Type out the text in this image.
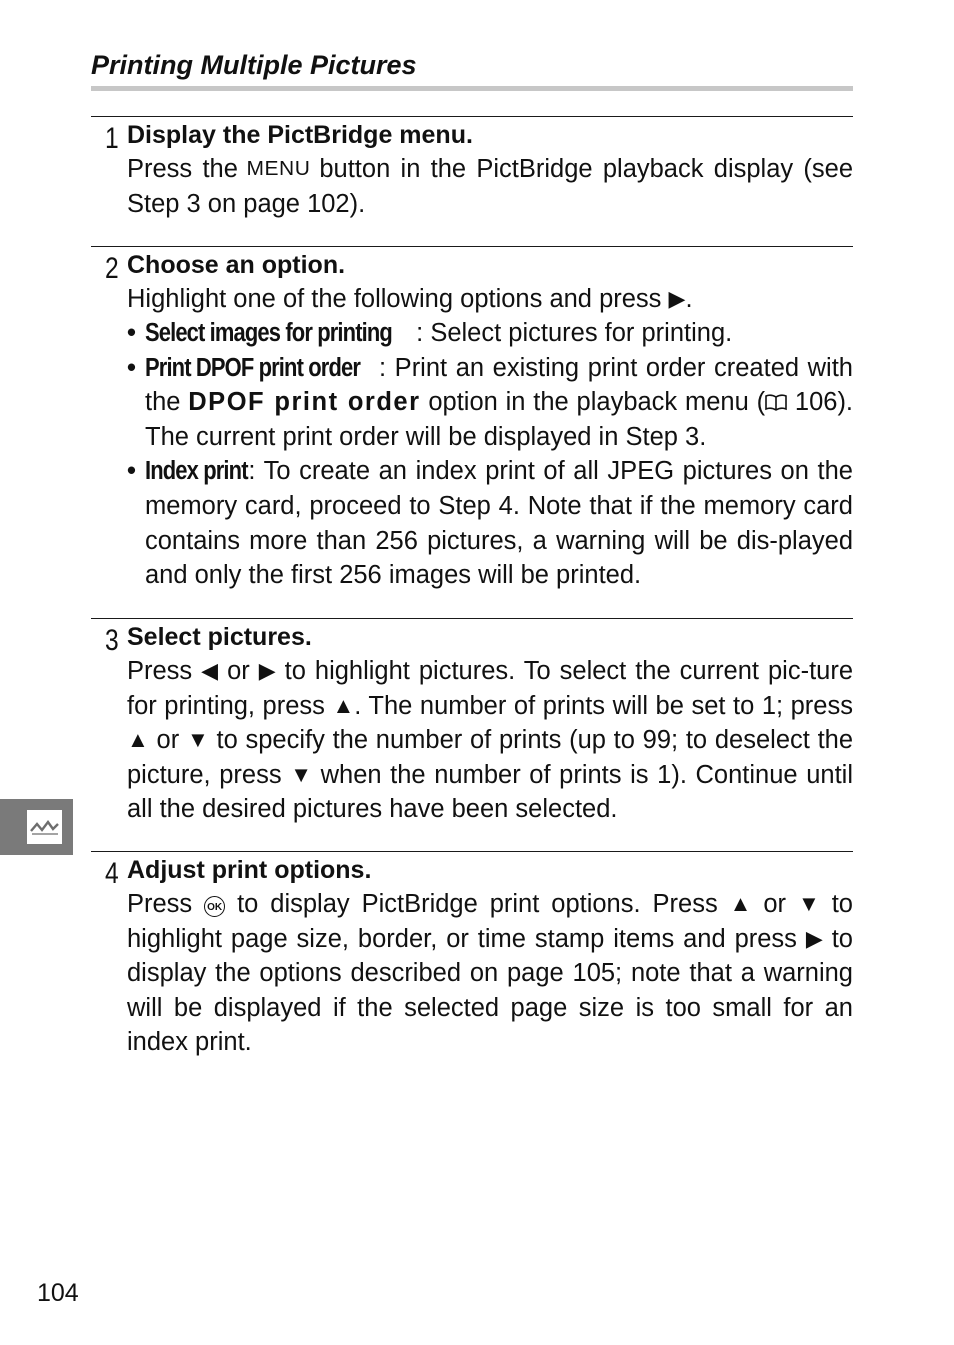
Printing Multiple Pictures
1 Display the PictBridge menu.

Press the MENU button in the PictBridge playback display (see Step 3 on page 102).

2 Choose an option.

Highlight one of the following options and press ▶.

• Select images for printing : Select pictures for printing.
• Print DPOF print order : Print an existing print order created with the DPOF print order option in the playback menu ( 106). The current print order will be displayed in Step 3.
• Index print: To create an index print of all JPEG pictures on the memory card, proceed to Step 4. Note that if the memory card contains more than 256 pictures, a warning will be dis-played and only the first 256 images will be printed.
3 Select pictures.

Press ◀ or ▶ to highlight pictures. To select the current pic-ture for printing, press ▲. The number of prints will be set to 1; press ▲ or ▼ to specify the number of prints (up to 99; to deselect the picture, press ▼ when the number of prints is 1). Continue until all the desired pictures have been selected.

4 Adjust print options.

Press OK to display PictBridge print options. Press ▲ or ▼ to highlight page size, border, or time stamp items and press ▶ to display the options described on page 105; note that a warning will be displayed if the selected page size is too small for an index print.

104
